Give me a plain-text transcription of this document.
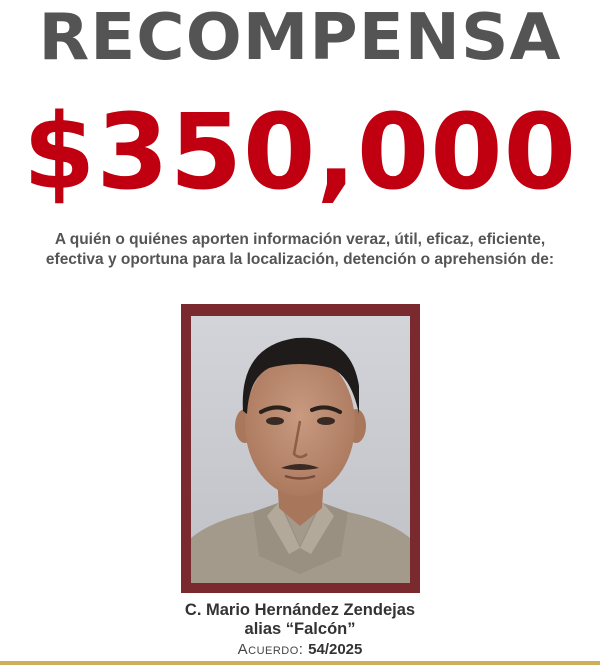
RECOMPENSA
$350,000
A quién o quiénes aporten información veraz, útil, eficaz, eficiente, efectiva y oportuna para la localización, detención o aprehensión de:
C. Mario Hernández Zendejas
alias “Falcón”
Acuerdo: 54/2025
